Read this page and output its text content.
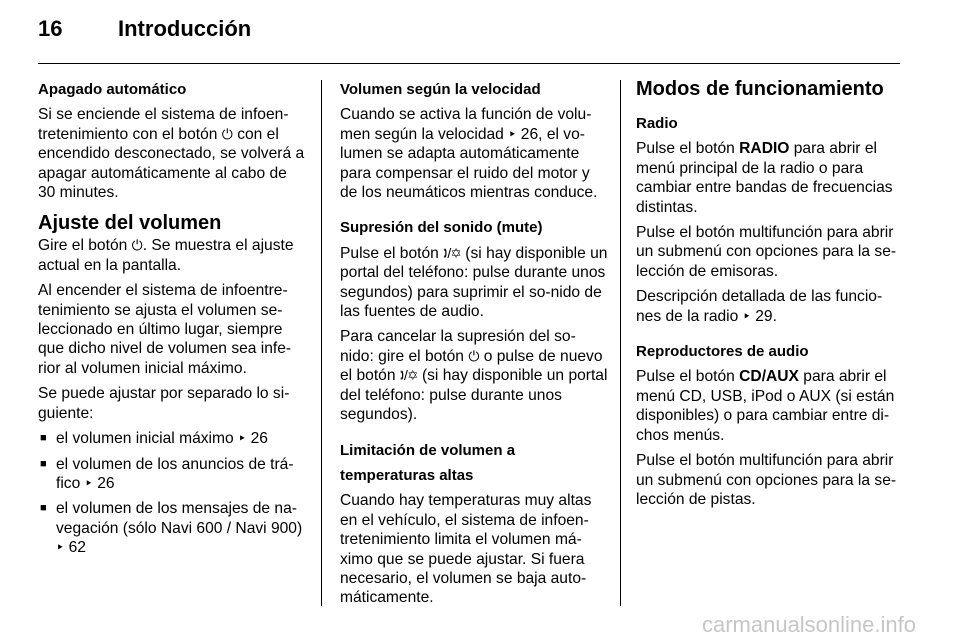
16	Introducción

Apagado automático

Si se enciende el sistema de infoen-tretenimiento con el botón ⏻ con el encendido desconectado, se volverá a apagar automáticamente al cabo de 30 minutes.

Ajuste del volumen

Gire el botón ⏻. Se muestra el ajuste actual en la pantalla.

Al encender el sistema de infoentre-tenimiento se ajusta el volumen se-leccionado en último lugar, siempre que dicho nivel de volumen sea infe-rior al volumen inicial máximo.

Se puede ajustar por separado lo si-guiente:

■ el volumen inicial máximo ‣ 26
■ el volumen de los anuncios de trá-fico ‣ 26
■ el volumen de los mensajes de na-vegación (sólo Navi 600 / Navi 900) ‣ 62

Volumen según la velocidad

Cuando se activa la función de volu-men según la velocidad ‣ 26, el vo-lumen se adapta automáticamente para compensar el ruido del motor y de los neumáticos mientras conduce.

Supresión del sonido (mute)

Pulse el botón 🕽/✡ (si hay disponible un portal del teléfono: pulse durante unos segundos) para suprimir el so-nido de las fuentes de audio.

Para cancelar la supresión del so-nido: gire el botón ⏻ o pulse de nuevo el botón 🕽/✡ (si hay disponible un portal del teléfono: pulse durante unos segundos).

Limitación de volumen a

temperaturas altas

Cuando hay temperaturas muy altas en el vehículo, el sistema de infoen-tretenimiento limita el volumen má-ximo que se puede ajustar. Si fuera necesario, el volumen se baja auto-máticamente.

Modos de funcionamiento

Radio

Pulse el botón RADIO para abrir el menú principal de la radio o para cambiar entre bandas de frecuencias distintas.

Pulse el botón multifunción para abrir un submenú con opciones para la se-lección de emisoras.

Descripción detallada de las funcio-nes de la radio ‣ 29.

Reproductores de audio

Pulse el botón CD/AUX para abrir el menú CD, USB, iPod o AUX (si están disponibles) o para cambiar entre di-chos menús.

Pulse el botón multifunción para abrir un submenú con opciones para la se-lección de pistas.

carmanualsonline.info
